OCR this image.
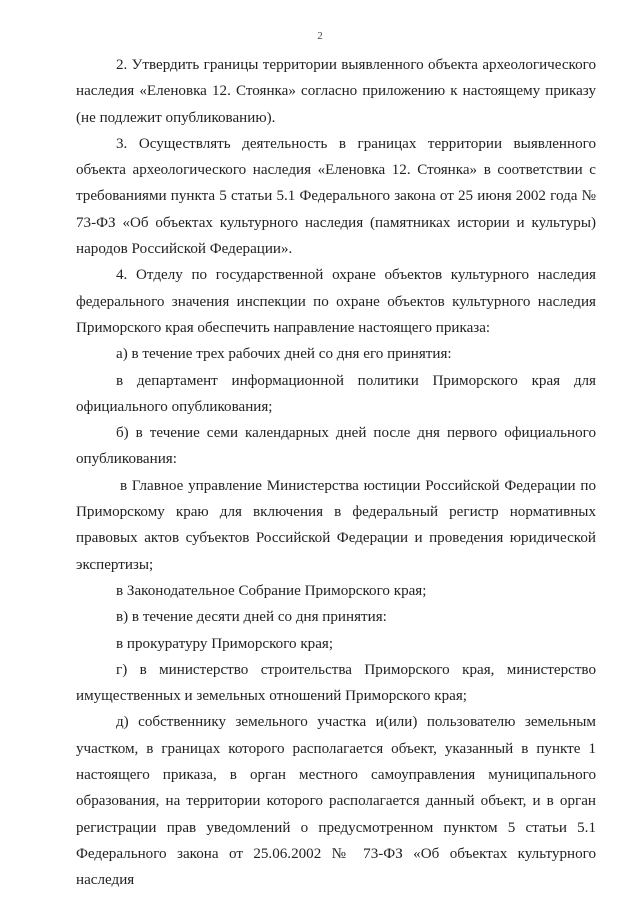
2

2. Утвердить границы территории выявленного объекта археологического наследия «Еленовка 12. Стоянка» согласно приложению к настоящему приказу (не подлежит опубликованию).

3. Осуществлять деятельность в границах территории выявленного объекта археологического наследия «Еленовка 12. Стоянка» в соответствии с требованиями пункта 5 статьи 5.1 Федерального закона от 25 июня 2002 года № 73-ФЗ «Об объектах культурного наследия (памятниках истории и культуры) народов Российской Федерации».

4. Отделу по государственной охране объектов культурного наследия федерального значения инспекции по охране объектов культурного наследия Приморского края обеспечить направление настоящего приказа:

а) в течение трех рабочих дней со дня его принятия:

в департамент информационной политики Приморского края для официального опубликования;

б) в течение семи календарных дней после дня первого официального опубликования:

в Главное управление Министерства юстиции Российской Федерации по Приморскому краю для включения в федеральный регистр нормативных правовых актов субъектов Российской Федерации и проведения юридической экспертизы;

в Законодательное Собрание Приморского края;

в) в течение десяти дней со дня принятия:

в прокуратуру Приморского края;

г) в министерство строительства Приморского края, министерство имущественных и земельных отношений Приморского края;

д) собственнику земельного участка и(или) пользователю земельным участком, в границах которого располагается объект, указанный в пункте 1 настоящего приказа, в орган местного самоуправления муниципального образования, на территории которого располагается данный объект, и в орган регистрации прав уведомлений о предусмотренном пунктом 5 статьи 5.1 Федерального закона от 25.06.2002 № 73-ФЗ «Об объектах культурного наследия
